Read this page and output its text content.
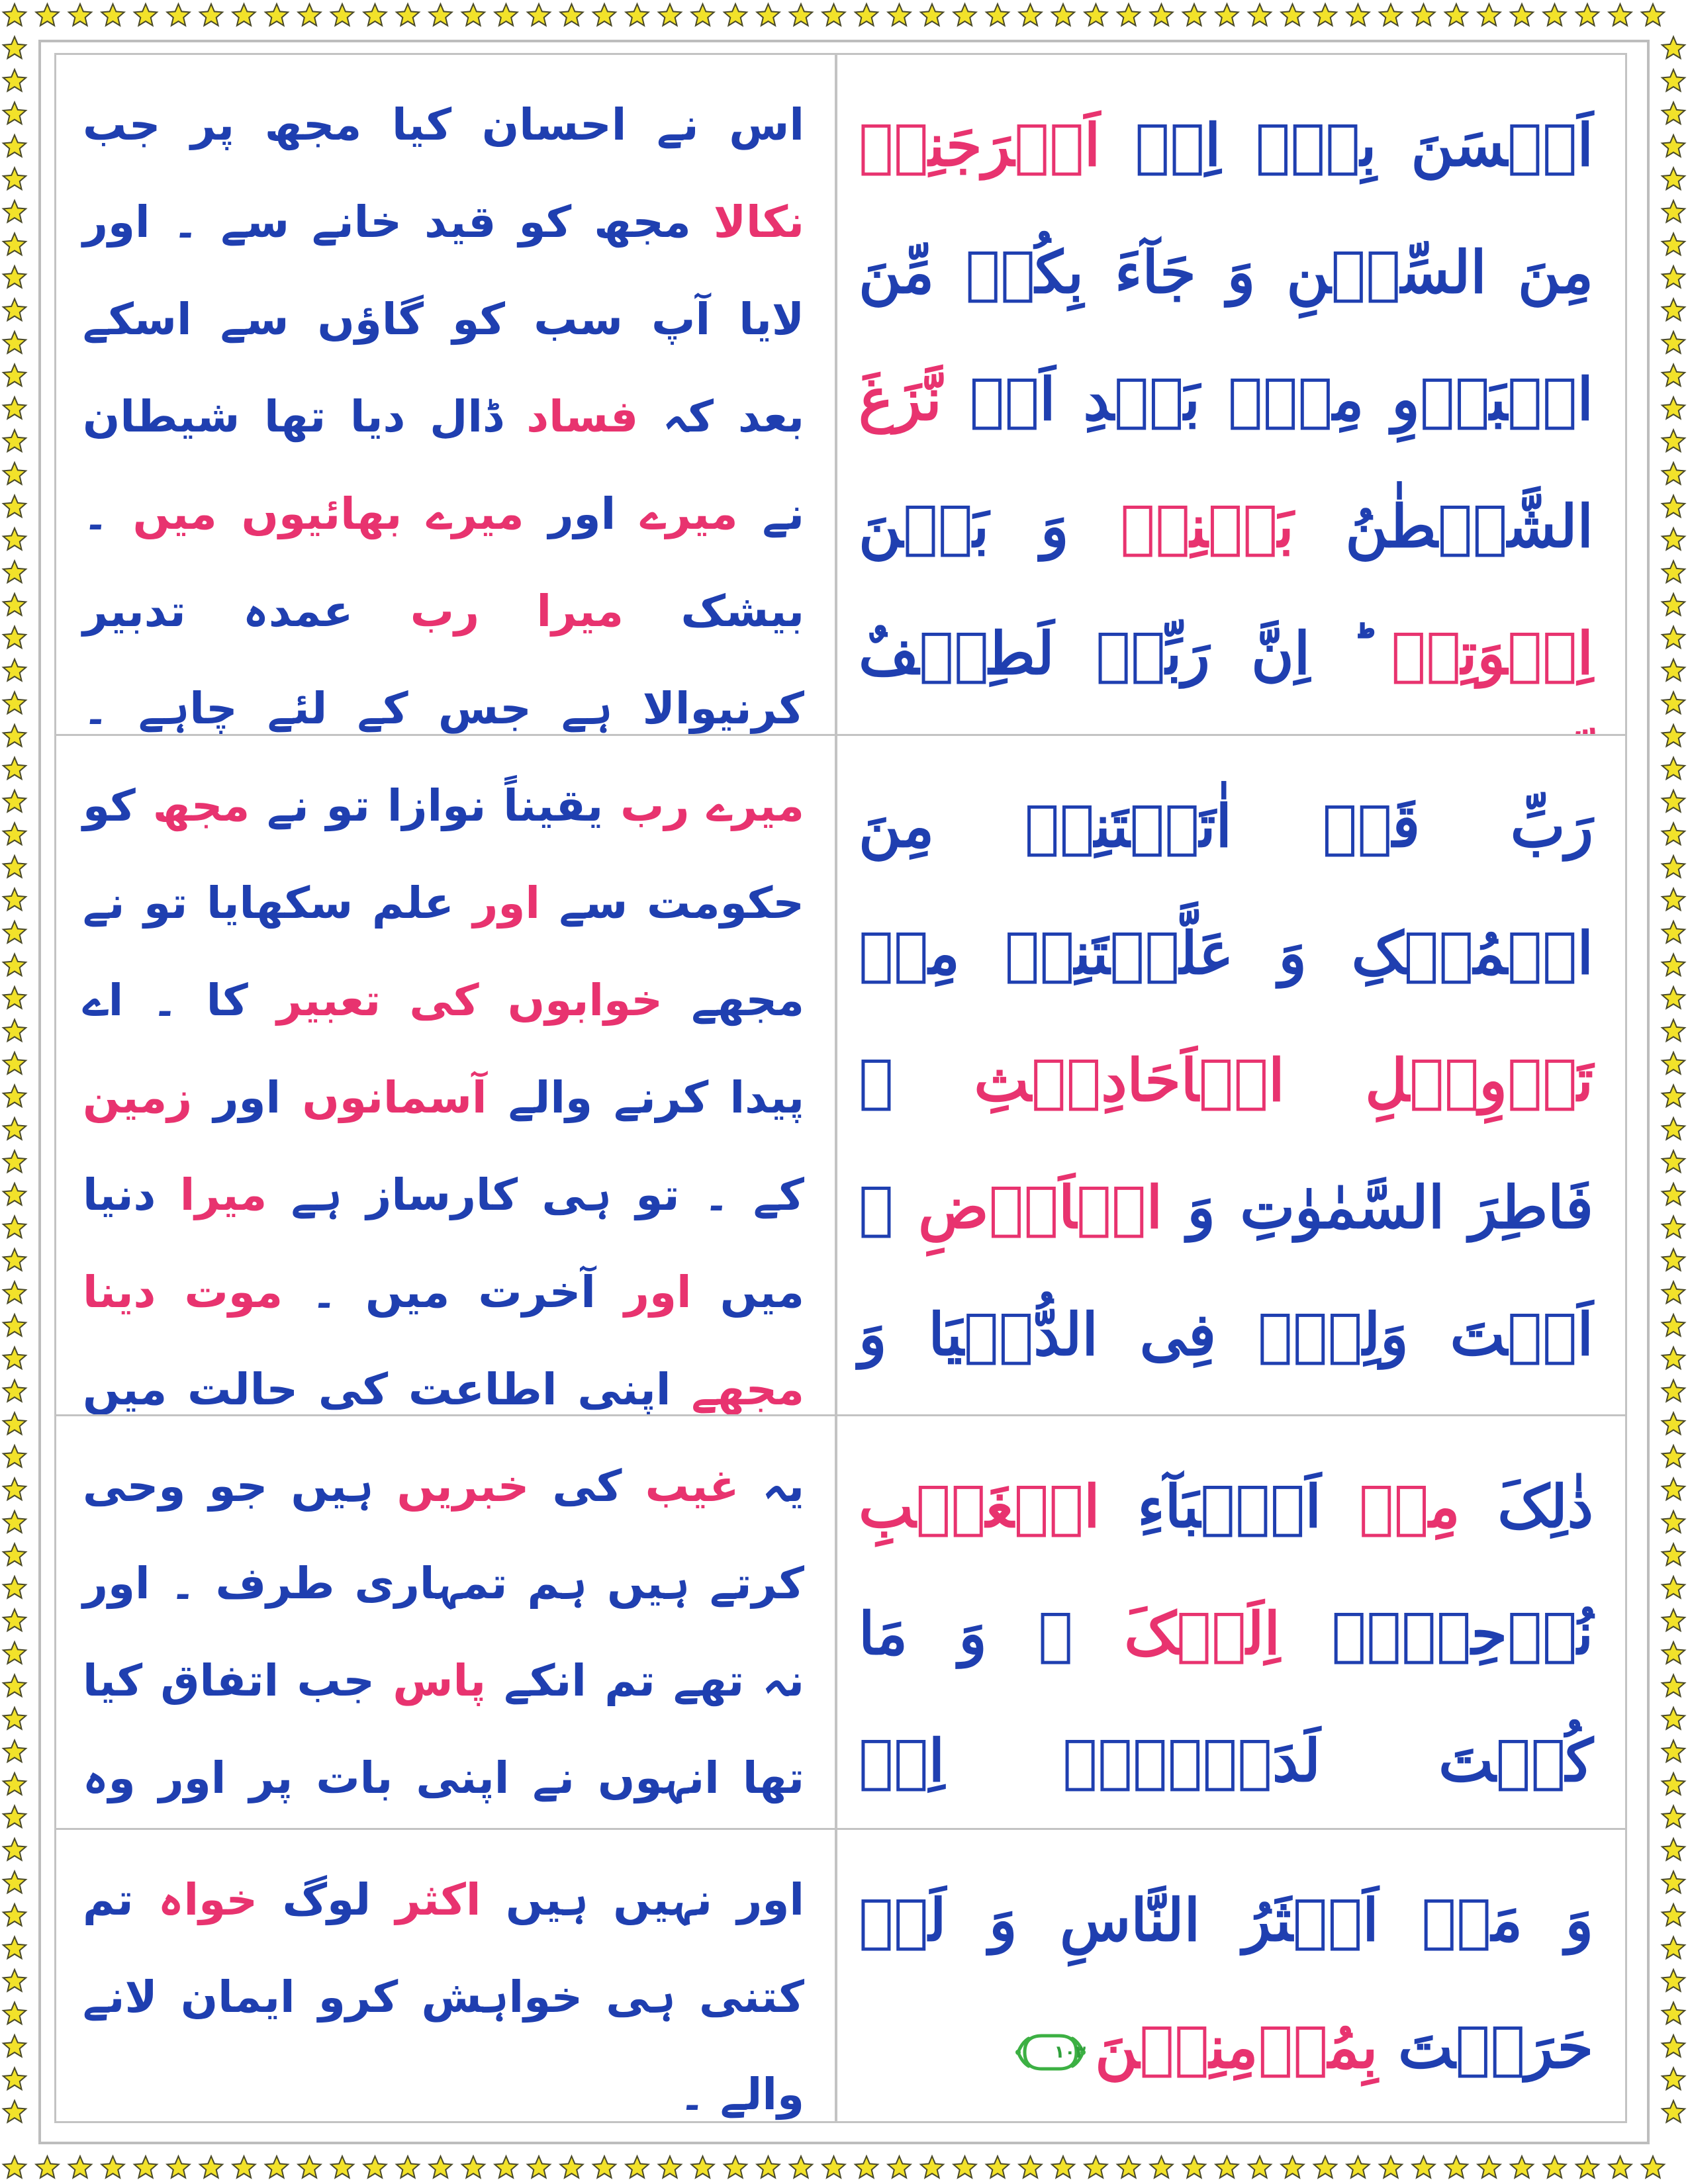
اَحۡسَنَ بِیۡۤ اِذۡ اَخۡرَجَنِیۡ مِنَ السِّجۡنِ وَ جَآءَ بِکُمۡ مِّنَ الۡبَدۡوِ مِنۡۢ بَعۡدِ اَنۡ نَّزَغَ الشَّیۡطٰنُ بَیۡنِیۡ وَ بَیۡنَ اِخۡوَتِیۡ ؕ اِنَّ رَبِّیۡ لَطِیۡفٌ
اس نے احسان کیا مجھ پر جب نکالا مجھ کو قید خانے سے ۔ اور لایا آپ سب کو گاؤں سے اسکے بعد کہ فساد ڈال دیا تھا شیطان نے میرے اور میرے بھائیوں میں ۔ بیشک میرا رب عمدہ تدبیر کرنیوالا ہے جس کے لئے چاہے ۔
رَبِّ قَدۡ اٰتَیۡتَنِیۡ مِنَ الۡمُلۡکِ وَ عَلَّمۡتَنِیۡ مِنۡ تَاۡوِیۡلِ الۡاَحَادِیۡثِ ۚ فَاطِرَ السَّمٰوٰتِ وَ الۡاَرۡضِ ۟ اَنۡتَ وَلِیّٖ فِی الدُّنۡیَا وَ
میرے رب یقیناً نوازا تو نے مجھ کو حکومت سے اور علم سکھایا تو نے مجھے خوابوں کی تعبیر کا ۔ اے پیدا کرنے والے آسمانوں اور زمین کے ۔ تو ہی کارساز ہے میرا دنیا میں اور آخرت میں ۔ موت دینا مجھے اپنی اطاعت کی حالت میں
ذٰلِکَ مِنۡ اَنۡۢبَآءِ الۡغَیۡبِ نُوۡحِیۡہِ اِلَیۡکَ ۚ وَ مَا کُنۡتَ لَدَیۡہِمۡ اِذۡ
یہ غیب کی خبریں ہیں جو وحی کرتے ہیں ہم تمہاری طرف ۔ اور نہ تھے تم انکے پاس جب اتفاق کیا تھا انہوں نے اپنی بات پر اور وہ
وَ مَاۤ اَکۡثَرُ النَّاسِ وَ لَوۡ حَرَصۡتَ بِمُؤۡمِنِیۡنَ
١٠٣
اور نہیں ہیں اکثر لوگ خواہ تم کتنی ہی خواہش کرو ایمان لانے والے ۔
